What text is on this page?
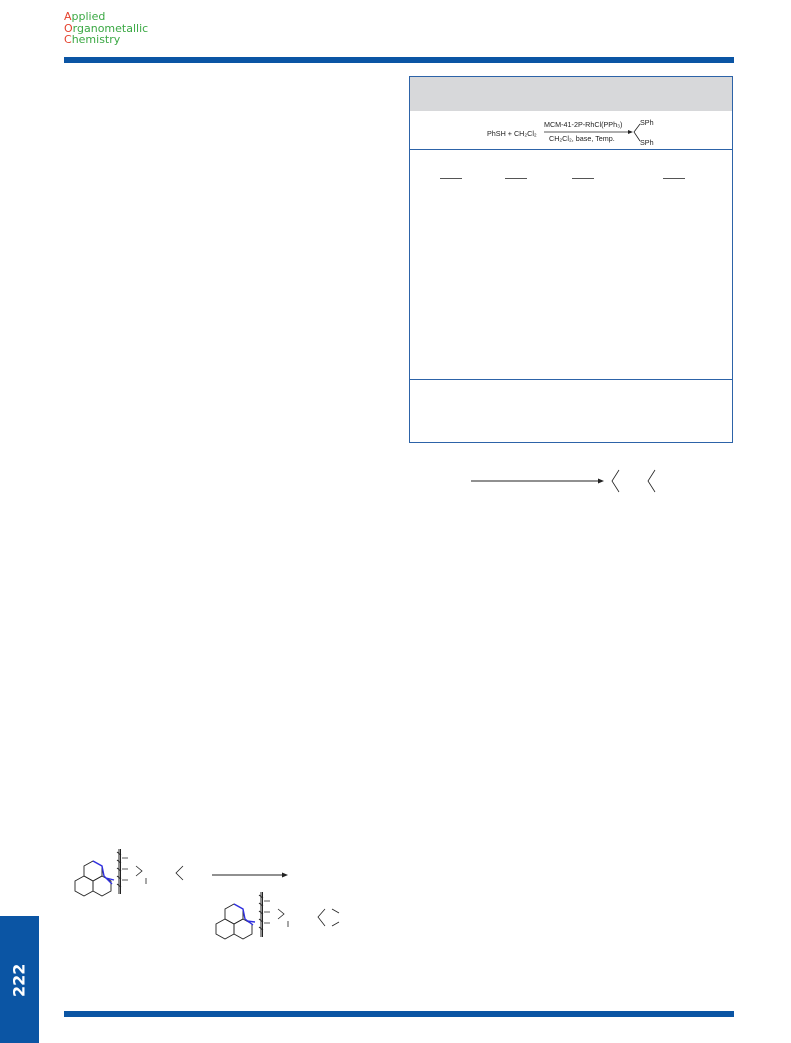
Applied
Organometallic
Chemistry
PhSH + CH₂Cl₂
MCM-41-2P-RhCl(PPh₃)
CH₂Cl₂, base, Temp.
SPh
SPh
222
